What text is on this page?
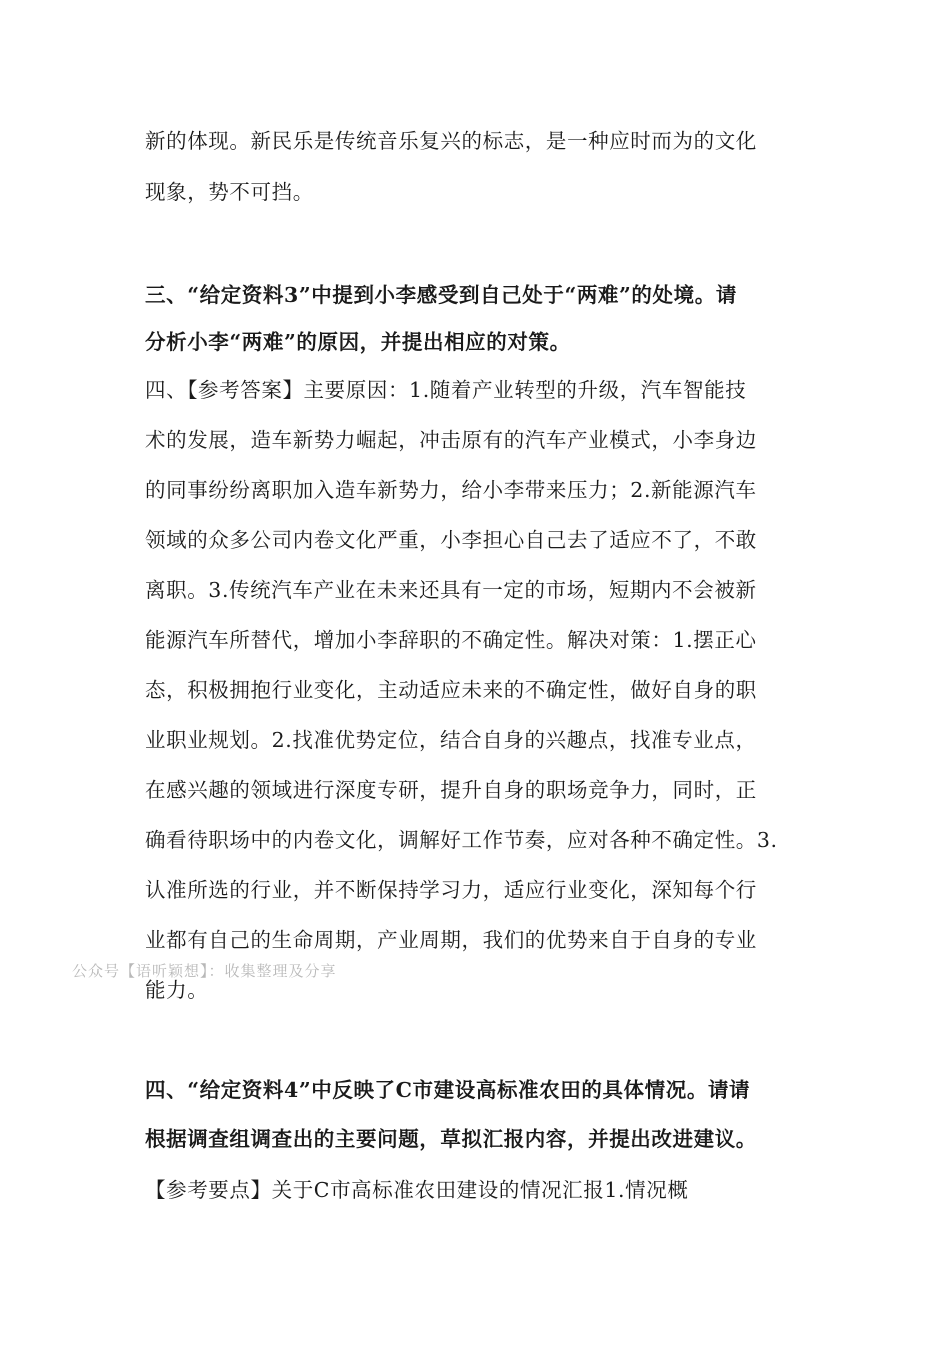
新的体现。新民乐是传统音乐复兴的标志，是一种应时而为的文化
现象，势不可挡。
三、“给定资料3”中提到小李感受到自己处于“两难”的处境。请
分析小李“两难”的原因，并提出相应的对策。
四、【参考答案】主要原因：1.随着产业转型的升级，汽车智能技
术的发展，造车新势力崛起，冲击原有的汽车产业模式，小李身边
的同事纷纷离职加入造车新势力，给小李带来压力；2.新能源汽车
领域的众多公司内卷文化严重，小李担心自己去了适应不了，不敢
离职。3.传统汽车产业在未来还具有一定的市场，短期内不会被新
能源汽车所替代，增加小李辞职的不确定性。解决对策：1.摆正心
态，积极拥抱行业变化，主动适应未来的不确定性，做好自身的职
业职业规划。2.找准优势定位，结合自身的兴趣点，找准专业点，
在感兴趣的领域进行深度专研，提升自身的职场竞争力，同时，正
确看待职场中的内卷文化，调解好工作节奏，应对各种不确定性。3.
认准所选的行业，并不断保持学习力，适应行业变化，深知每个行
业都有自己的生命周期，产业周期，我们的优势来自于自身的专业
能力。
公众号【语听颖想】：收集整理及分享
四、“给定资料4”中反映了C市建设高标准农田的具体情况。请请
根据调查组调查出的主要问题，草拟汇报内容，并提出改进建议。
【参考要点】关于C市高标准农田建设的情况汇报1.情况概
